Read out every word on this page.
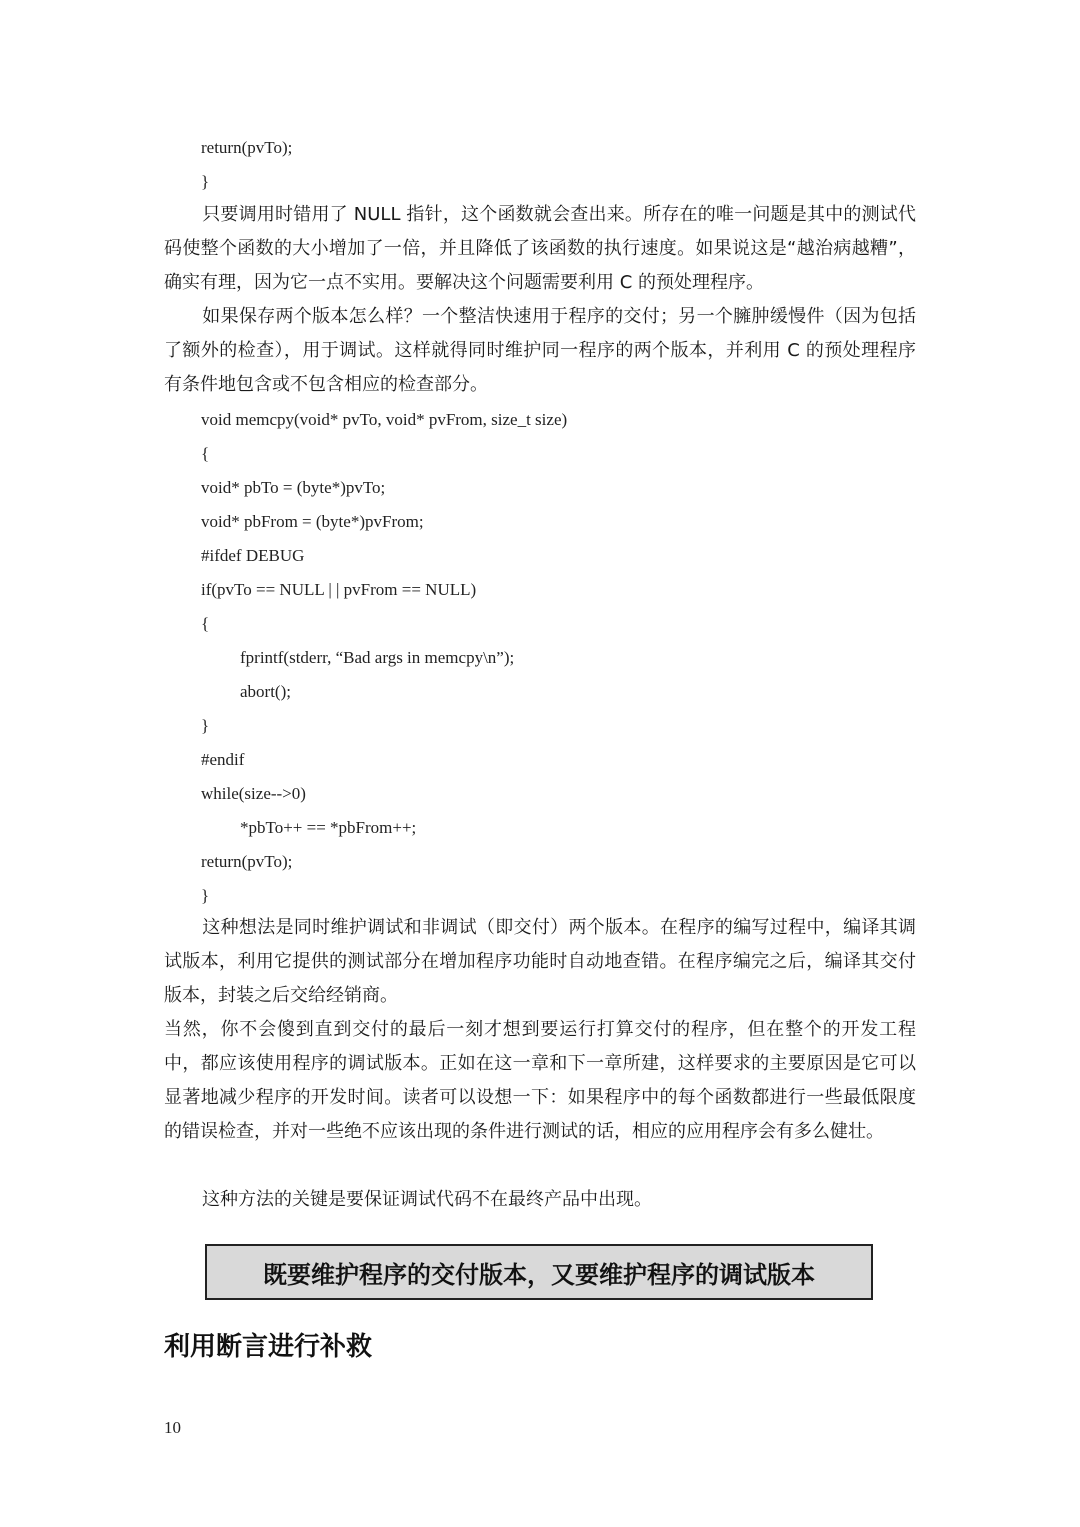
return(pvTo);
}
只要调用时错用了 NULL 指针，这个函数就会查出来。所存在的唯一问题是其中的测试代码使整个函数的大小增加了一倍，并且降低了该函数的执行速度。如果说这是“越治病越糟”，确实有理，因为它一点不实用。要解决这个问题需要利用 C 的预处理程序。
如果保存两个版本怎么样？一个整洁快速用于程序的交付；另一个臃肿缓慢件（因为包括了额外的检查），用于调试。这样就得同时维护同一程序的两个版本，并利用 C 的预处理程序有条件地包含或不包含相应的检查部分。
void memcpy(void* pvTo, void* pvFrom, size_t size)
{
void* pbTo = (byte*)pvTo;
void* pbFrom = (byte*)pvFrom;
#ifdef DEBUG
if(pvTo == NULL | | pvFrom == NULL)
{
fprintf(stderr, “Bad args in memcpy\n”);
abort();
}
#endif
while(size-->0)
*pbTo++ == *pbFrom++;
return(pvTo);
}
这种想法是同时维护调试和非调试（即交付）两个版本。在程序的编写过程中，编译其调试版本，利用它提供的测试部分在增加程序功能时自动地查错。在程序编完之后，编译其交付版本，封装之后交给经销商。
当然，你不会傻到直到交付的最后一刻才想到要运行打算交付的程序，但在整个的开发工程中，都应该使用程序的调试版本。正如在这一章和下一章所建，这样要求的主要原因是它可以显著地减少程序的开发时间。读者可以设想一下：如果程序中的每个函数都进行一些最低限度的错误检查，并对一些绝不应该出现的条件进行测试的话，相应的应用程序会有多么健壮。
这种方法的关键是要保证调试代码不在最终产品中出现。
既要维护程序的交付版本，又要维护程序的调试版本
利用断言进行补救
10
